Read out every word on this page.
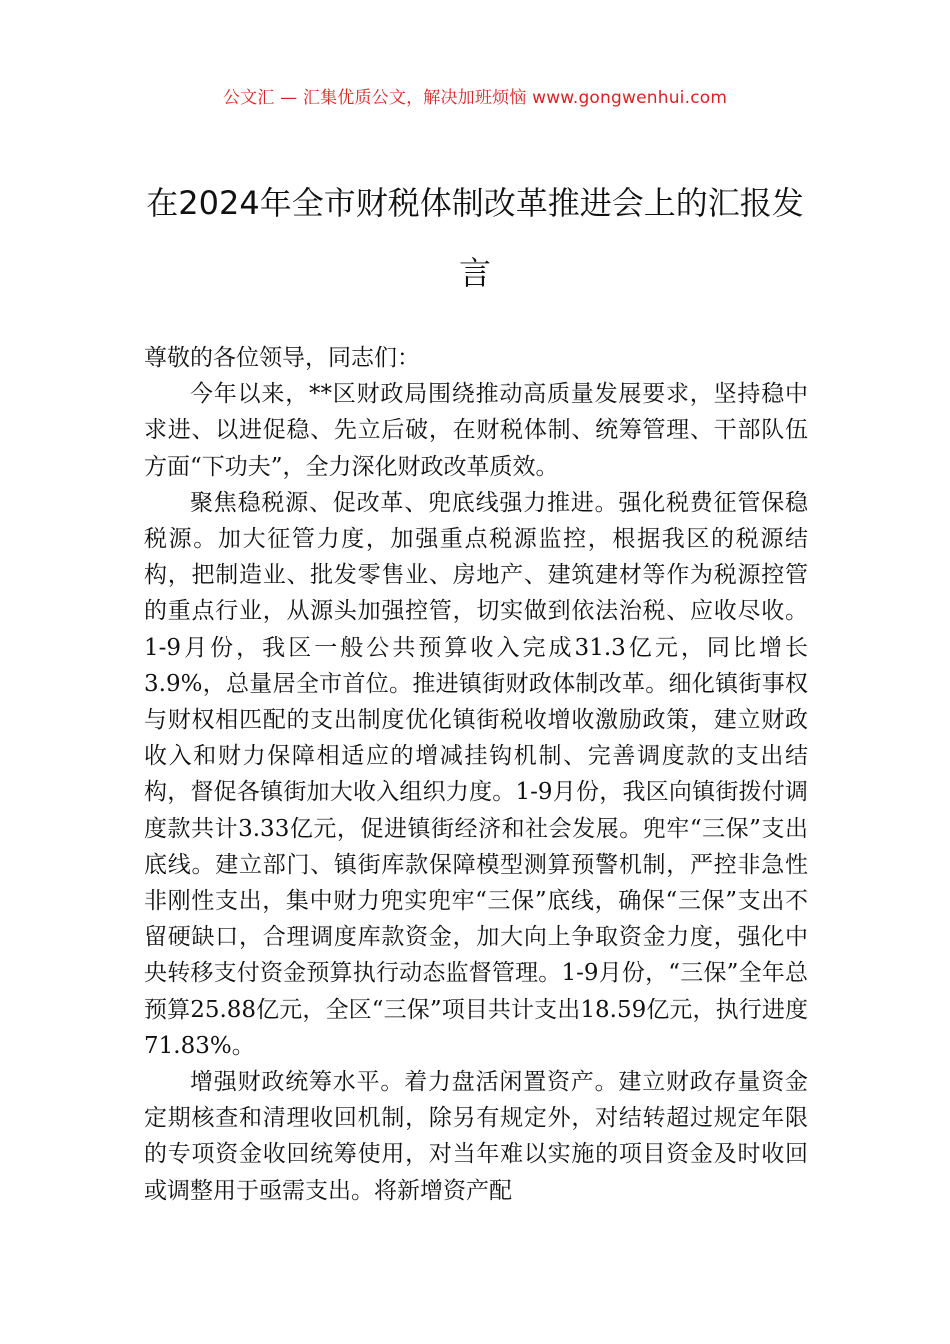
公文汇 — 汇集优质公文，解决加班烦恼 www.gongwenhui.com
在2024年全市财税体制改革推进会上的汇报发言

尊敬的各位领导，同志们：

今年以来，**区财政局围绕推动高质量发展要求，坚持稳中求进、以进促稳、先立后破，在财税体制、统筹管理、干部队伍方面“下功夫”，全力深化财政改革质效。

聚焦稳税源、促改革、兜底线强力推进。强化税费征管保稳税源。加大征管力度，加强重点税源监控，根据我区的税源结构，把制造业、批发零售业、房地产、建筑建材等作为税源控管的重点行业，从源头加强控管，切实做到依法治税、应收尽收。1-9月份，我区一般公共预算收入完成31.3亿元，同比增长3.9%，总量居全市首位。推进镇街财政体制改革。细化镇街事权与财权相匹配的支出制度优化镇街税收增收激励政策，建立财政收入和财力保障相适应的增减挂钩机制、完善调度款的支出结构，督促各镇街加大收入组织力度。1-9月份，我区向镇街拨付调度款共计3.33亿元，促进镇街经济和社会发展。兜牢“三保”支出底线。建立部门、镇街库款保障模型测算预警机制，严控非急性非刚性支出，集中财力兜实兜牢“三保”底线，确保“三保”支出不留硬缺口，合理调度库款资金，加大向上争取资金力度，强化中央转移支付资金预算执行动态监督管理。1-9月份，“三保”全年总预算25.88亿元，全区“三保”项目共计支出18.59亿元，执行进度71.83%。

增强财政统筹水平。着力盘活闲置资产。建立财政存量资金定期核查和清理收回机制，除另有规定外，对结转超过规定年限的专项资金收回统筹使用，对当年难以实施的项目资金及时收回或调整用于亟需支出。将新增资产配
